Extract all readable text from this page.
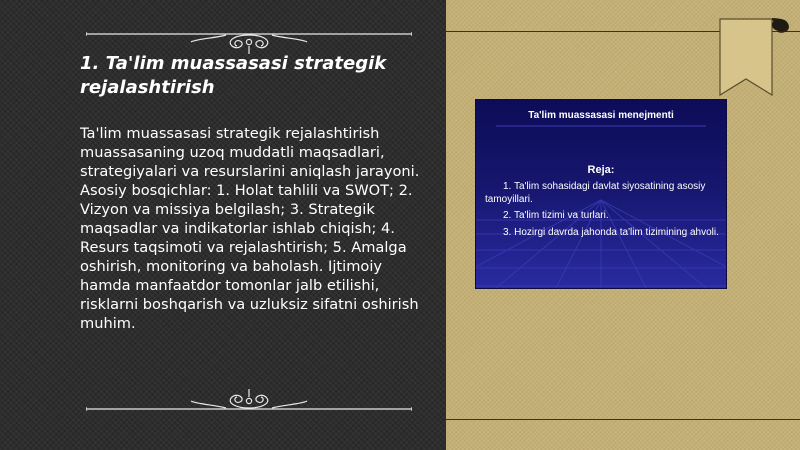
1. Ta'lim muassasasi strategik rejalashtirish
Ta'lim muassasasi strategik rejalashtirish muassasaning uzoq muddatli maqsadlari, strategiyalari va resurslarini aniqlash jarayoni. Asosiy bosqichlar: 1. Holat tahlili va SWOT; 2. Vizyon va missiya belgilash; 3. Strategik maqsadlar va indikatorlar ishlab chiqish; 4. Resurs taqsimoti va rejalashtirish; 5. Amalga oshirish, monitoring va baholash. Ijtimoiy hamda manfaatdor tomonlar jalb etilishi, risklarni boshqarish va uzluksiz sifatni oshirish muhim.
Ta'lim muassasasi menejmenti
Reja:
1. Ta'lim sohasidagi davlat siyosatining asosiy tamoyillari.
2. Ta'lim tizimi va turlari.
3. Hozirgi davrda jahonda ta'lim tizimining ahvoli.
